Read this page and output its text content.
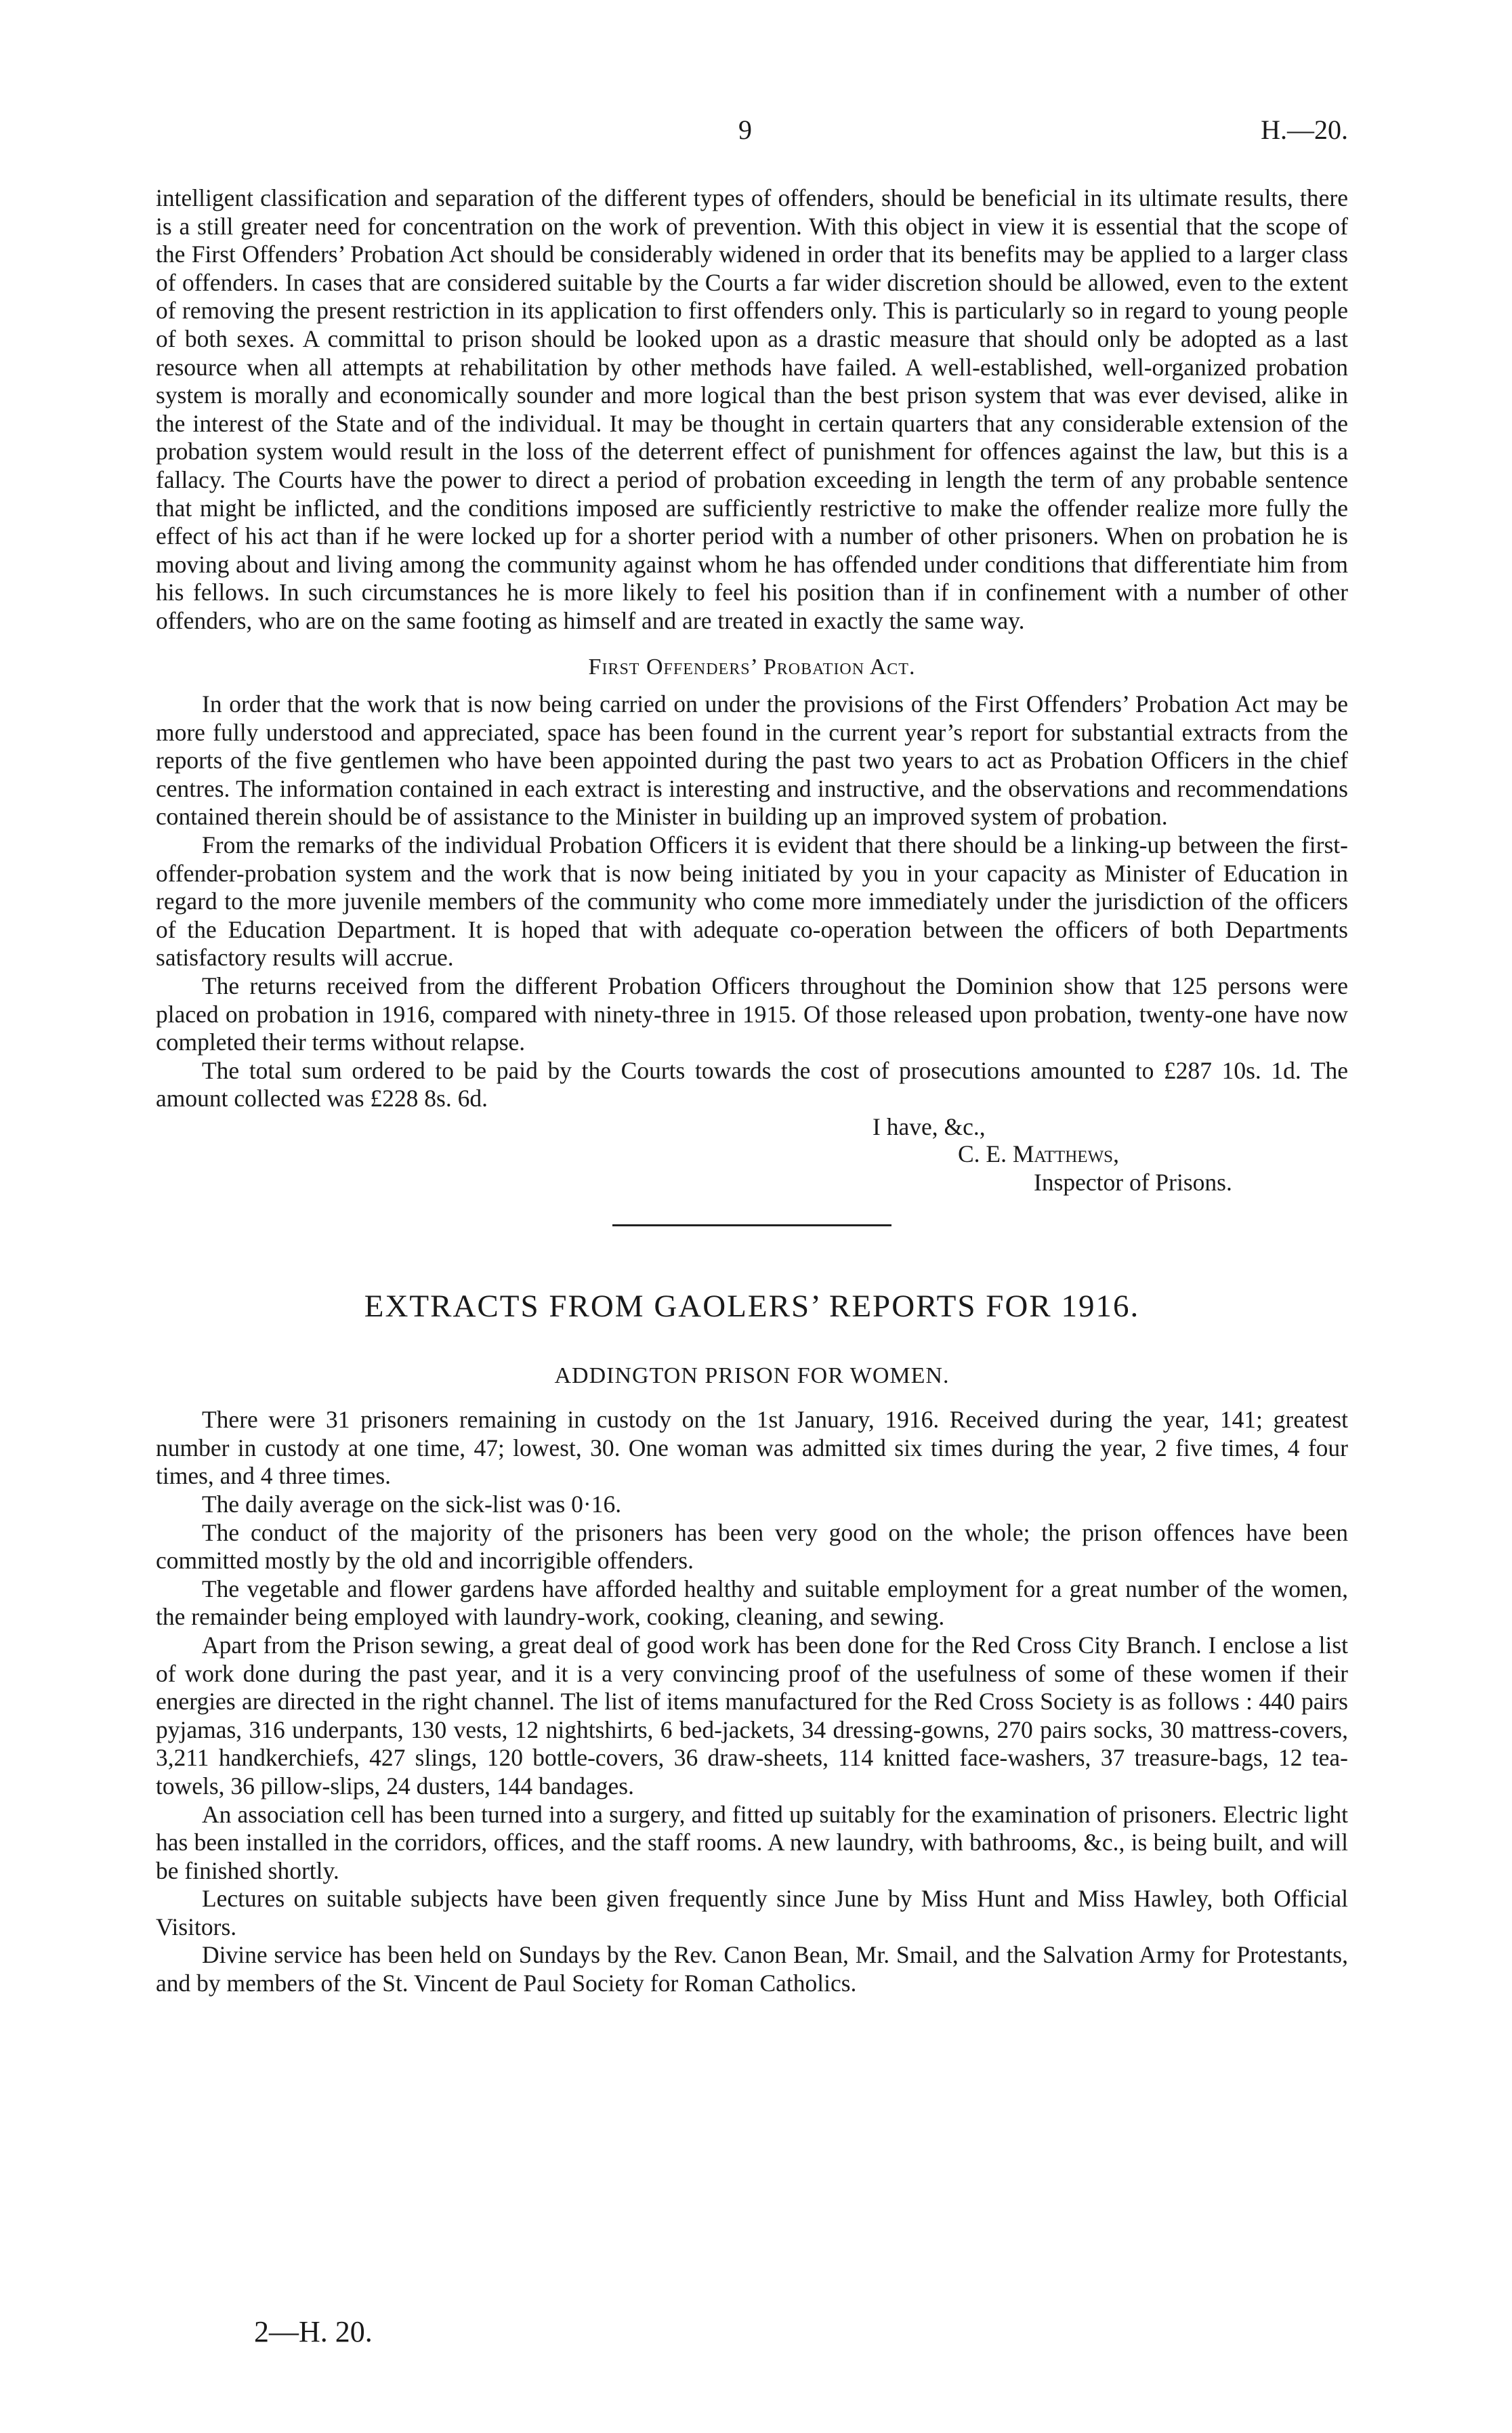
9	H.—20.

intelligent classification and separation of the different types of offenders, should be beneficial in its ultimate results, there is a still greater need for concentration on the work of prevention. With this object in view it is essential that the scope of the First Offenders’ Probation Act should be considerably widened in order that its benefits may be applied to a larger class of offenders. In cases that are considered suitable by the Courts a far wider discretion should be allowed, even to the extent of removing the present restriction in its application to first offenders only. This is particularly so in regard to young people of both sexes. A committal to prison should be looked upon as a drastic measure that should only be adopted as a last resource when all attempts at rehabilitation by other methods have failed. A well-established, well-organized probation system is morally and economically sounder and more logical than the best prison system that was ever devised, alike in the interest of the State and of the individual. It may be thought in certain quarters that any considerable extension of the probation system would result in the loss of the deterrent effect of punishment for offences against the law, but this is a fallacy. The Courts have the power to direct a period of probation exceeding in length the term of any probable sentence that might be inflicted, and the conditions imposed are sufficiently restrictive to make the offender realize more fully the effect of his act than if he were locked up for a shorter period with a number of other prisoners. When on probation he is moving about and living among the community against whom he has offended under conditions that differentiate him from his fellows. In such circumstances he is more likely to feel his position than if in confinement with a number of other offenders, who are on the same footing as himself and are treated in exactly the same way.

First Offenders’ Probation Act.

In order that the work that is now being carried on under the provisions of the First Offenders’ Probation Act may be more fully understood and appreciated, space has been found in the current year’s report for substantial extracts from the reports of the five gentlemen who have been appointed during the past two years to act as Probation Officers in the chief centres. The information contained in each extract is interesting and instructive, and the observations and recommendations contained therein should be of assistance to the Minister in building up an improved system of probation.

From the remarks of the individual Probation Officers it is evident that there should be a linking-up between the first-offender-probation system and the work that is now being initiated by you in your capacity as Minister of Education in regard to the more juvenile members of the community who come more immediately under the jurisdiction of the officers of the Education Department. It is hoped that with adequate co-operation between the officers of both Departments satisfactory results will accrue.

The returns received from the different Probation Officers throughout the Dominion show that 125 persons were placed on probation in 1916, compared with ninety-three in 1915. Of those released upon probation, twenty-one have now completed their terms without relapse.

The total sum ordered to be paid by the Courts towards the cost of prosecutions amounted to £287 10s. 1d. The amount collected was £228 8s. 6d.

I have, &c.,
C. E. Matthews,
Inspector of Prisons.
EXTRACTS FROM GAOLERS’ REPORTS FOR 1916.
ADDINGTON PRISON FOR WOMEN.

There were 31 prisoners remaining in custody on the 1st January, 1916. Received during the year, 141; greatest number in custody at one time, 47; lowest, 30. One woman was admitted six times during the year, 2 five times, 4 four times, and 4 three times.

The daily average on the sick-list was 0·16.

The conduct of the majority of the prisoners has been very good on the whole; the prison offences have been committed mostly by the old and incorrigible offenders.

The vegetable and flower gardens have afforded healthy and suitable employment for a great number of the women, the remainder being employed with laundry-work, cooking, cleaning, and sewing.

Apart from the Prison sewing, a great deal of good work has been done for the Red Cross City Branch. I enclose a list of work done during the past year, and it is a very convincing proof of the usefulness of some of these women if their energies are directed in the right channel. The list of items manufactured for the Red Cross Society is as follows : 440 pairs pyjamas, 316 underpants, 130 vests, 12 nightshirts, 6 bed-jackets, 34 dressing-gowns, 270 pairs socks, 30 mattress-covers, 3,211 handkerchiefs, 427 slings, 120 bottle-covers, 36 draw-sheets, 114 knitted face-washers, 37 treasure-bags, 12 tea-towels, 36 pillow-slips, 24 dusters, 144 bandages.

An association cell has been turned into a surgery, and fitted up suitably for the examination of prisoners. Electric light has been installed in the corridors, offices, and the staff rooms. A new laundry, with bathrooms, &c., is being built, and will be finished shortly.

Lectures on suitable subjects have been given frequently since June by Miss Hunt and Miss Hawley, both Official Visitors.

Divine service has been held on Sundays by the Rev. Canon Bean, Mr. Smail, and the Salvation Army for Protestants, and by members of the St. Vincent de Paul Society for Roman Catholics.

2—H. 20.
